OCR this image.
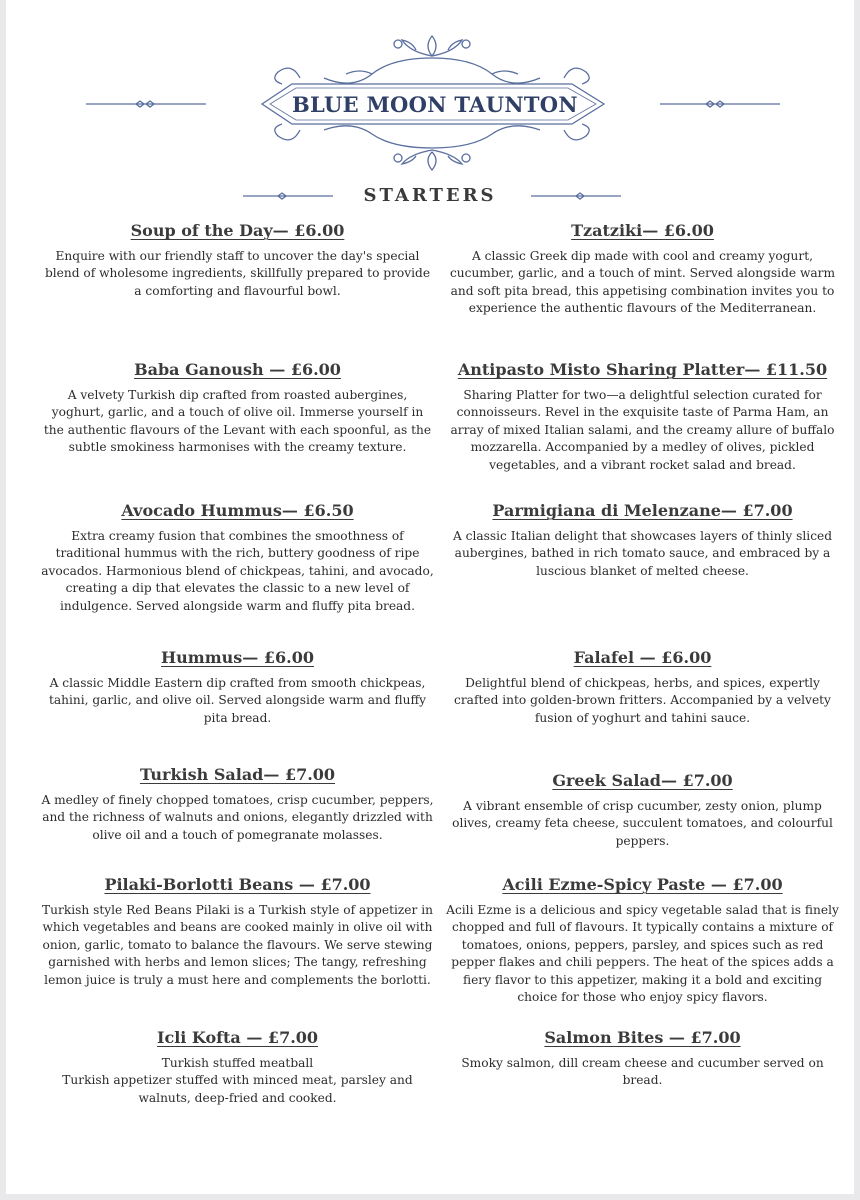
BLUE MOON TAUNTON
STARTERS
Soup of the Day— £6.00

Enquire with our friendly staff to uncover the day's special blend of wholesome ingredients, skillfully prepared to provide a comforting and flavourful bowl.

Baba Ganoush — £6.00

A velvety Turkish dip crafted from roasted aubergines, yoghurt, garlic, and a touch of olive oil. Immerse yourself in the authentic flavours of the Levant with each spoonful, as the subtle smokiness harmonises with the creamy texture.

Avocado Hummus— £6.50

Extra creamy fusion that combines the smoothness of traditional hummus with the rich, buttery goodness of ripe avocados. Harmonious blend of chickpeas, tahini, and avocado, creating a dip that elevates the classic to a new level of indulgence. Served alongside warm and fluffy pita bread.

Hummus— £6.00

A classic Middle Eastern dip crafted from smooth chickpeas, tahini, garlic, and olive oil. Served alongside warm and fluffy pita bread.

Turkish Salad— £7.00

A medley of finely chopped tomatoes, crisp cucumber, peppers, and the richness of walnuts and onions, elegantly drizzled with olive oil and a touch of pomegranate molasses.

Pilaki-Borlotti Beans — £7.00

Turkish style Red Beans Pilaki is a Turkish style of appetizer in which vegetables and beans are cooked mainly in olive oil with onion, garlic, tomato to balance the flavours. We serve stewing garnished with herbs and lemon slices; The tangy, refreshing lemon juice is truly a must here and complements the borlotti.

Icli Kofta — £7.00

Turkish stuffed meatball
Turkish appetizer stuffed with minced meat, parsley and walnuts, deep-fried and cooked.

Tzatziki— £6.00

A classic Greek dip made with cool and creamy yogurt, cucumber, garlic, and a touch of mint. Served alongside warm and soft pita bread, this appetising combination invites you to experience the authentic flavours of the Mediterranean.

Antipasto Misto Sharing Platter— £11.50

Sharing Platter for two—a delightful selection curated for connoisseurs. Revel in the exquisite taste of Parma Ham, an array of mixed Italian salami, and the creamy allure of buffalo mozzarella. Accompanied by a medley of olives, pickled vegetables, and a vibrant rocket salad and bread.

Parmigiana di Melenzane— £7.00

A classic Italian delight that showcases layers of thinly sliced aubergines, bathed in rich tomato sauce, and embraced by a luscious blanket of melted cheese.

Falafel — £6.00

Delightful blend of chickpeas, herbs, and spices, expertly crafted into golden-brown fritters. Accompanied by a velvety fusion of yoghurt and tahini sauce.

Greek Salad— £7.00

A vibrant ensemble of crisp cucumber, zesty onion, plump olives, creamy feta cheese, succulent tomatoes, and colourful peppers.

Acili Ezme-Spicy Paste — £7.00

Acili Ezme is a delicious and spicy vegetable salad that is finely chopped and full of flavours. It typically contains a mixture of tomatoes, onions, peppers, parsley, and spices such as red pepper flakes and chili peppers. The heat of the spices adds a fiery flavor to this appetizer, making it a bold and exciting choice for those who enjoy spicy flavors.

Salmon Bites — £7.00

Smoky salmon, dill cream cheese and cucumber served on bread.
